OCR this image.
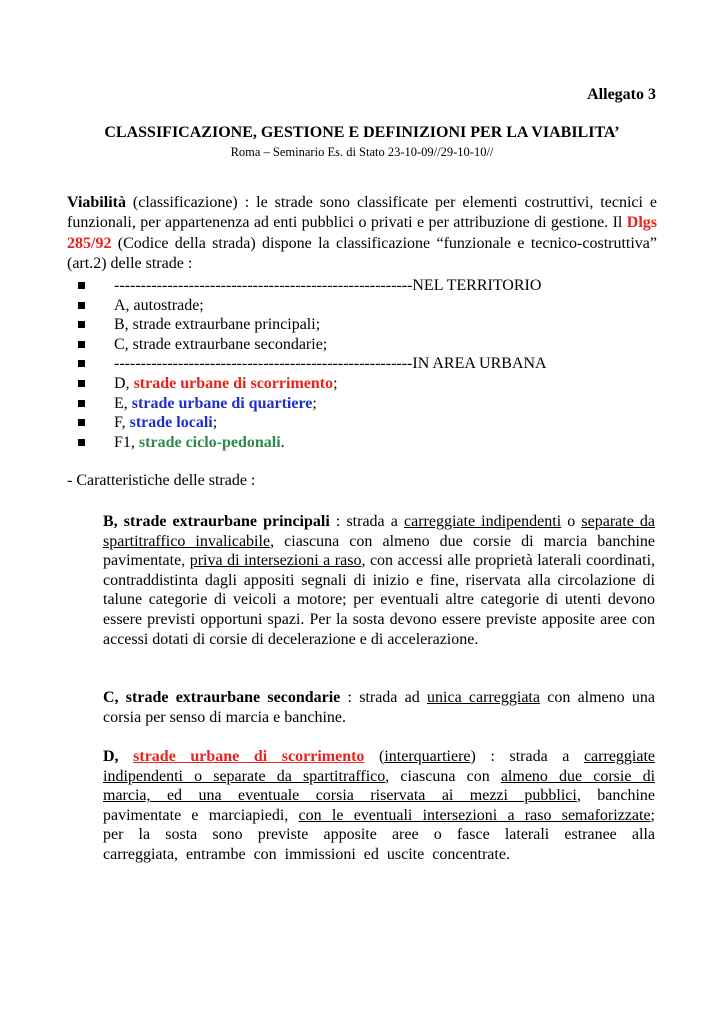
Allegato 3
CLASSIFICAZIONE, GESTIONE E DEFINIZIONI PER LA VIABILITA’
Roma – Seminario Es. di Stato 23-10-09//29-10-10//

Viabilità (classificazione) : le strade sono classificate per elementi costruttivi, tecnici e funzionali, per appartenenza ad enti pubblici o privati e per attribuzione di gestione. Il Dlgs 285/92 (Codice della strada) dispone la classificazione “funzionale e tecnico-costruttiva” (art.2) delle strade :

--------------------------------------------------------NEL TERRITORIO
A, autostrade;
B, strade extraurbane principali;
C, strade extraurbane secondarie;
--------------------------------------------------------IN AREA URBANA
D, strade urbane di scorrimento;
E, strade urbane di quartiere;
F, strade locali;
F1, strade ciclo-pedonali.
- Caratteristiche delle strade :

B, strade extraurbane principali : strada a carreggiate indipendenti o separate da spartitraffico invalicabile, ciascuna con almeno due corsie di marcia banchine pavimentate, priva di intersezioni a raso, con accessi alle proprietà laterali coordinati, contraddistinta dagli appositi segnali di inizio e fine, riservata alla circolazione di talune categorie di veicoli a motore; per eventuali altre categorie di utenti devono essere previsti opportuni spazi. Per la sosta devono essere previste apposite aree con accessi dotati di corsie di decelerazione e di accelerazione.

C, strade extraurbane secondarie : strada ad unica carreggiata con almeno una corsia per senso di marcia e banchine.

D, strade urbane di scorrimento (interquartiere) : strada a carreggiate indipendenti o separate da spartitraffico, ciascuna con almeno due corsie di marcia, ed una eventuale corsia riservata ai mezzi pubblici, banchine pavimentate e marciapiedi, con le eventuali intersezioni a raso semaforizzate; per la sosta sono previste apposite aree o fasce laterali estranee alla carreggiata, entrambe con immissioni ed uscite concentrate.
